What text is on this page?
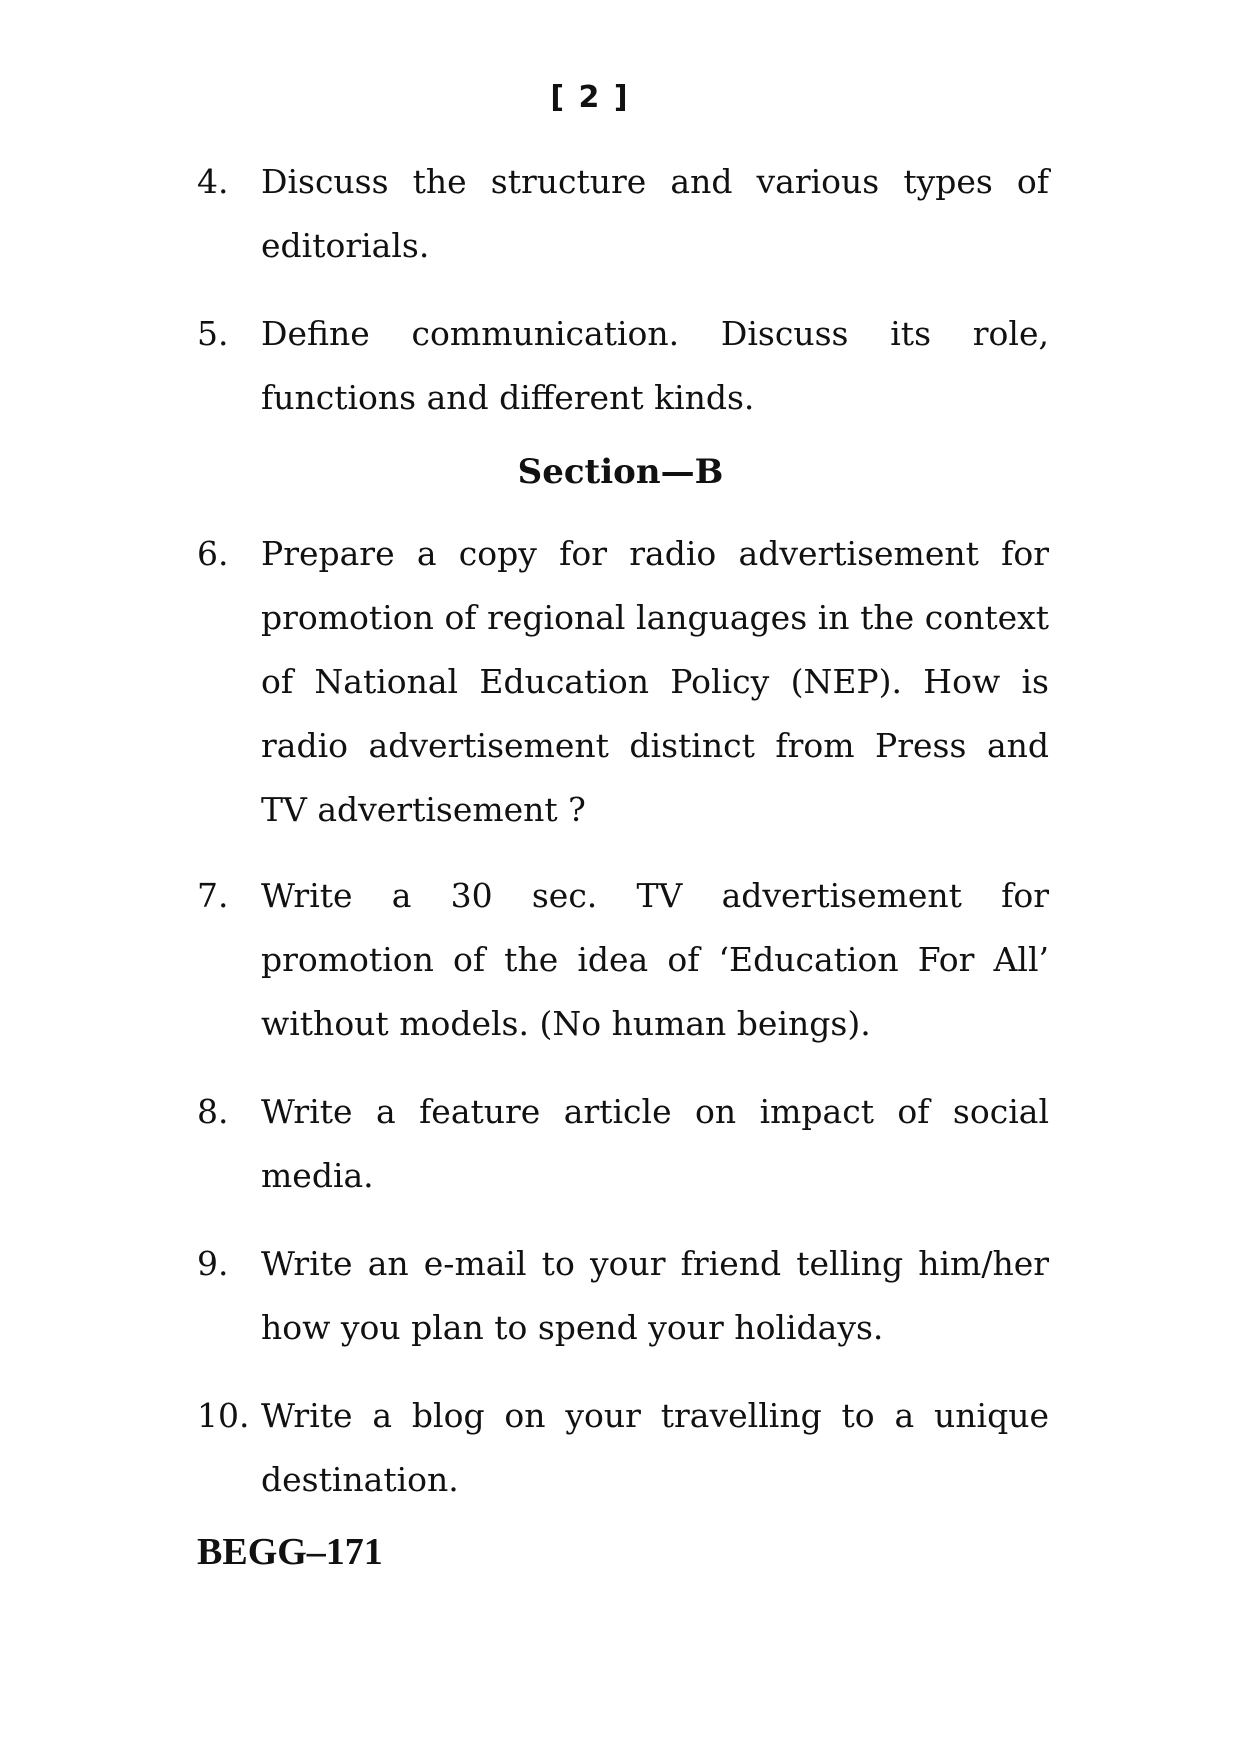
[ 2 ]
4. Discuss the structure and various types of editorials.
5. Define communication. Discuss its role, functions and different kinds.
Section—B
6. Prepare a copy for radio advertisement for promotion of regional languages in the context of National Education Policy (NEP). How is radio advertisement distinct from Press and TV advertisement ?
7. Write a 30 sec. TV advertisement for promotion of the idea of ‘Education For All’ without models. (No human beings).
8. Write a feature article on impact of social media.
9. Write an e-mail to your friend telling him/her how you plan to spend your holidays.
10. Write a blog on your travelling to a unique destination.
BEGG–171
